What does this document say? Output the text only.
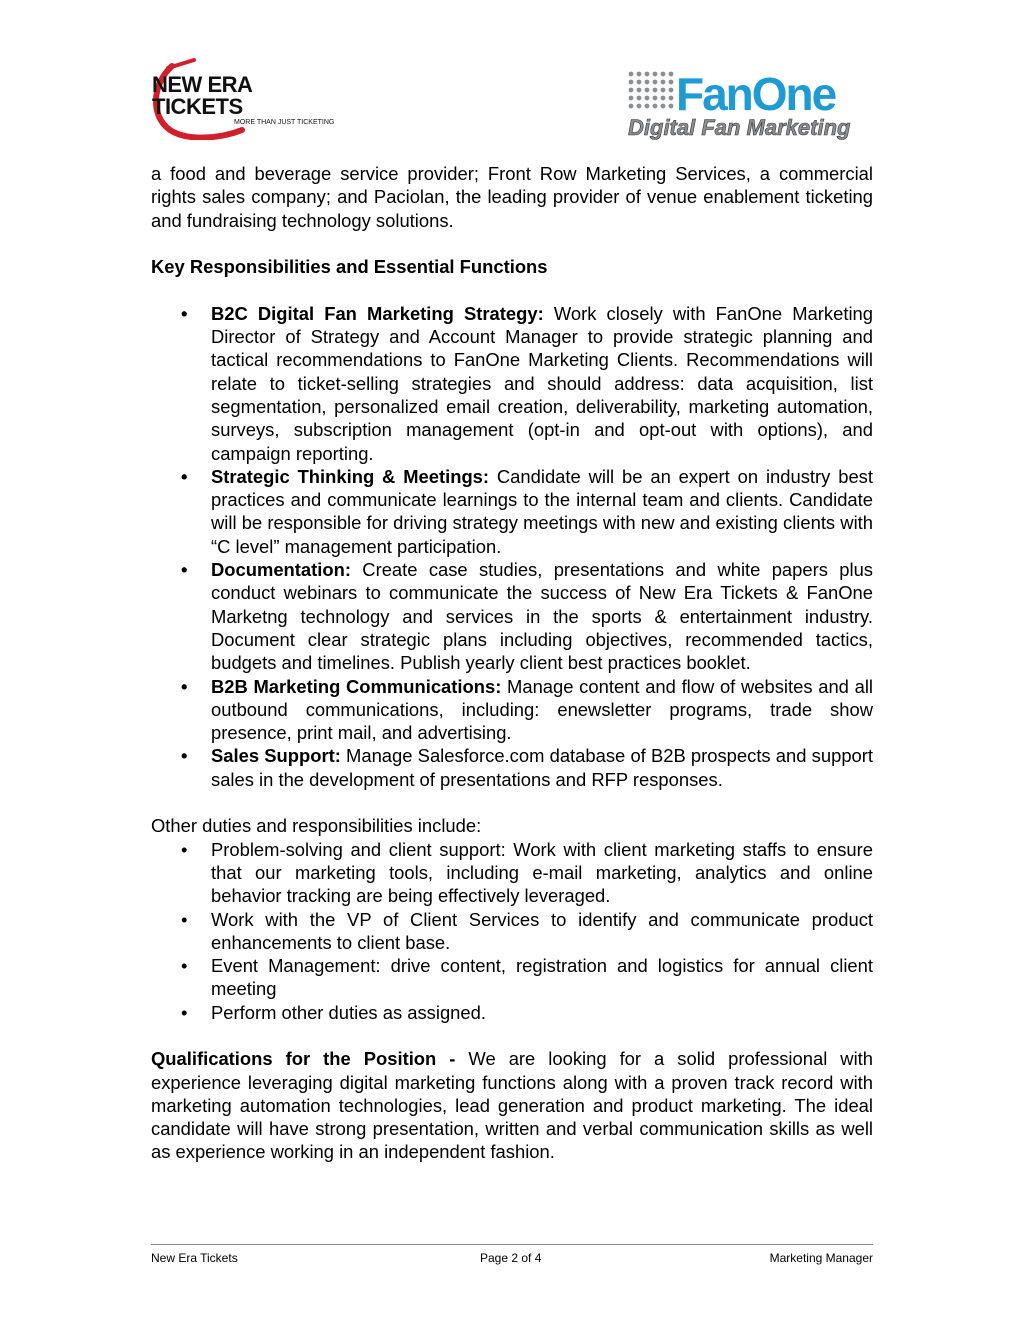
NEW ERA
TICKETS
MORE THAN JUST TICKETING
FanOne
Digital Fan Marketing

a food and beverage service provider; Front Row Marketing Services, a commercial rights sales company; and Paciolan, the leading provider of venue enablement ticketing and fundraising technology solutions.

Key Responsibilities and Essential Functions

• B2C Digital Fan Marketing Strategy: Work closely with FanOne Marketing Director of Strategy and Account Manager to provide strategic planning and tactical recommendations to FanOne Marketing Clients. Recommendations will relate to ticket-selling strategies and should address: data acquisition, list segmentation, personalized email creation, deliverability, marketing automation, surveys, subscription management (opt-in and opt-out with options), and campaign reporting.
• Strategic Thinking & Meetings: Candidate will be an expert on industry best practices and communicate learnings to the internal team and clients. Candidate will be responsible for driving strategy meetings with new and existing clients with “C level” management participation.
• Documentation: Create case studies, presentations and white papers plus conduct webinars to communicate the success of New Era Tickets & FanOne Marketng technology and services in the sports & entertainment industry. Document clear strategic plans including objectives, recommended tactics, budgets and timelines. Publish yearly client best practices booklet.
• B2B Marketing Communications: Manage content and flow of websites and all outbound communications, including: enewsletter programs, trade show presence, print mail, and advertising.
• Sales Support: Manage Salesforce.com database of B2B prospects and support sales in the development of presentations and RFP responses.

Other duties and responsibilities include:

• Problem-solving and client support: Work with client marketing staffs to ensure that our marketing tools, including e-mail marketing, analytics and online behavior tracking are being effectively leveraged.
• Work with the VP of Client Services to identify and communicate product enhancements to client base.
• Event Management: drive content, registration and logistics for annual client meeting
• Perform other duties as assigned.

Qualifications for the Position - We are looking for a solid professional with experience leveraging digital marketing functions along with a proven track record with marketing automation technologies, lead generation and product marketing. The ideal candidate will have strong presentation, written and verbal communication skills as well as experience working in an independent fashion.

New Era Tickets	Page 2 of 4	Marketing Manager
